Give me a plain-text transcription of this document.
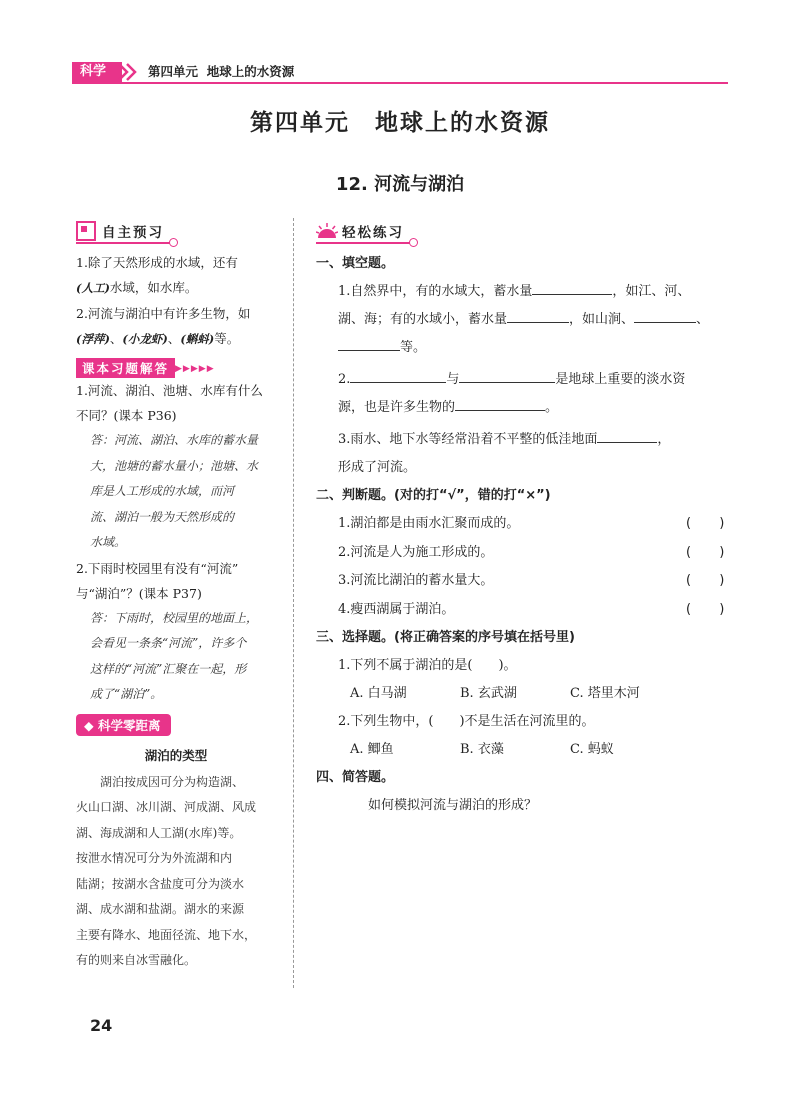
科学	第四单元 地球上的水资源
第四单元　地球上的水资源
12. 河流与湖泊
自主预习

1.除了天然形成的水域，还有
(人工)水域，如水库。

2.河流与湖泊中有许多生物，如
(浮萍)、(小龙虾)、(蝌蚪)等。

课本习题解答 ▶▶▶▶▶

1.河流、湖泊、池塘、水库有什么
不同？(课本 P36)

答：河流、湖泊、水库的蓄水量
大，池塘的蓄水量小；池塘、水
库是人工形成的水域，而河
流、湖泊一般为天然形成的
水域。

2.下雨时校园里有没有“河流”
与“湖泊”？(课本 P37)

答：下雨时，校园里的地面上，
会看见一条条“河流”，许多个
这样的“河流”汇聚在一起，形
成了“湖泊”。

◆ 科学零距离
湖泊的类型

  湖泊按成因可分为构造湖、
火山口湖、冰川湖、河成湖、风成
湖、海成湖和人工湖(水库)等。
按泄水情况可分为外流湖和内
陆湖；按湖水含盐度可分为淡水
湖、成水湖和盐湖。湖水的来源
主要有降水、地面径流、地下水，
有的则来自冰雪融化。

轻松练习

一、填空题。

1.自然界中，有的水域大，蓄水量	，如江、河、
湖、海；有的水域小，蓄水量	，如山涧、	、
等。

2.	与	是地球上重要的淡水资
源，也是许多生物的	。

3.雨水、地下水等经常沿着不平整的低洼地面	，
形成了河流。

二、判断题。(对的打“√”，错的打“×”)

1.湖泊都是由雨水汇聚而成的。	(　　)
2.河流是人为施工形成的。	(　　)
3.河流比湖泊的蓄水量大。	(　　)
4.瘦西湖属于湖泊。	(　　)

三、选择题。(将正确答案的序号填在括号里)

1.下列不属于湖泊的是(　　)。

A. 白马湖	B. 玄武湖	C. 塔里木河

2.下列生物中，(　　)不是生活在河流里的。

A. 鲫鱼	B. 衣藻	C. 蚂蚁

四、简答题。

如何模拟河流与湖泊的形成？

24
